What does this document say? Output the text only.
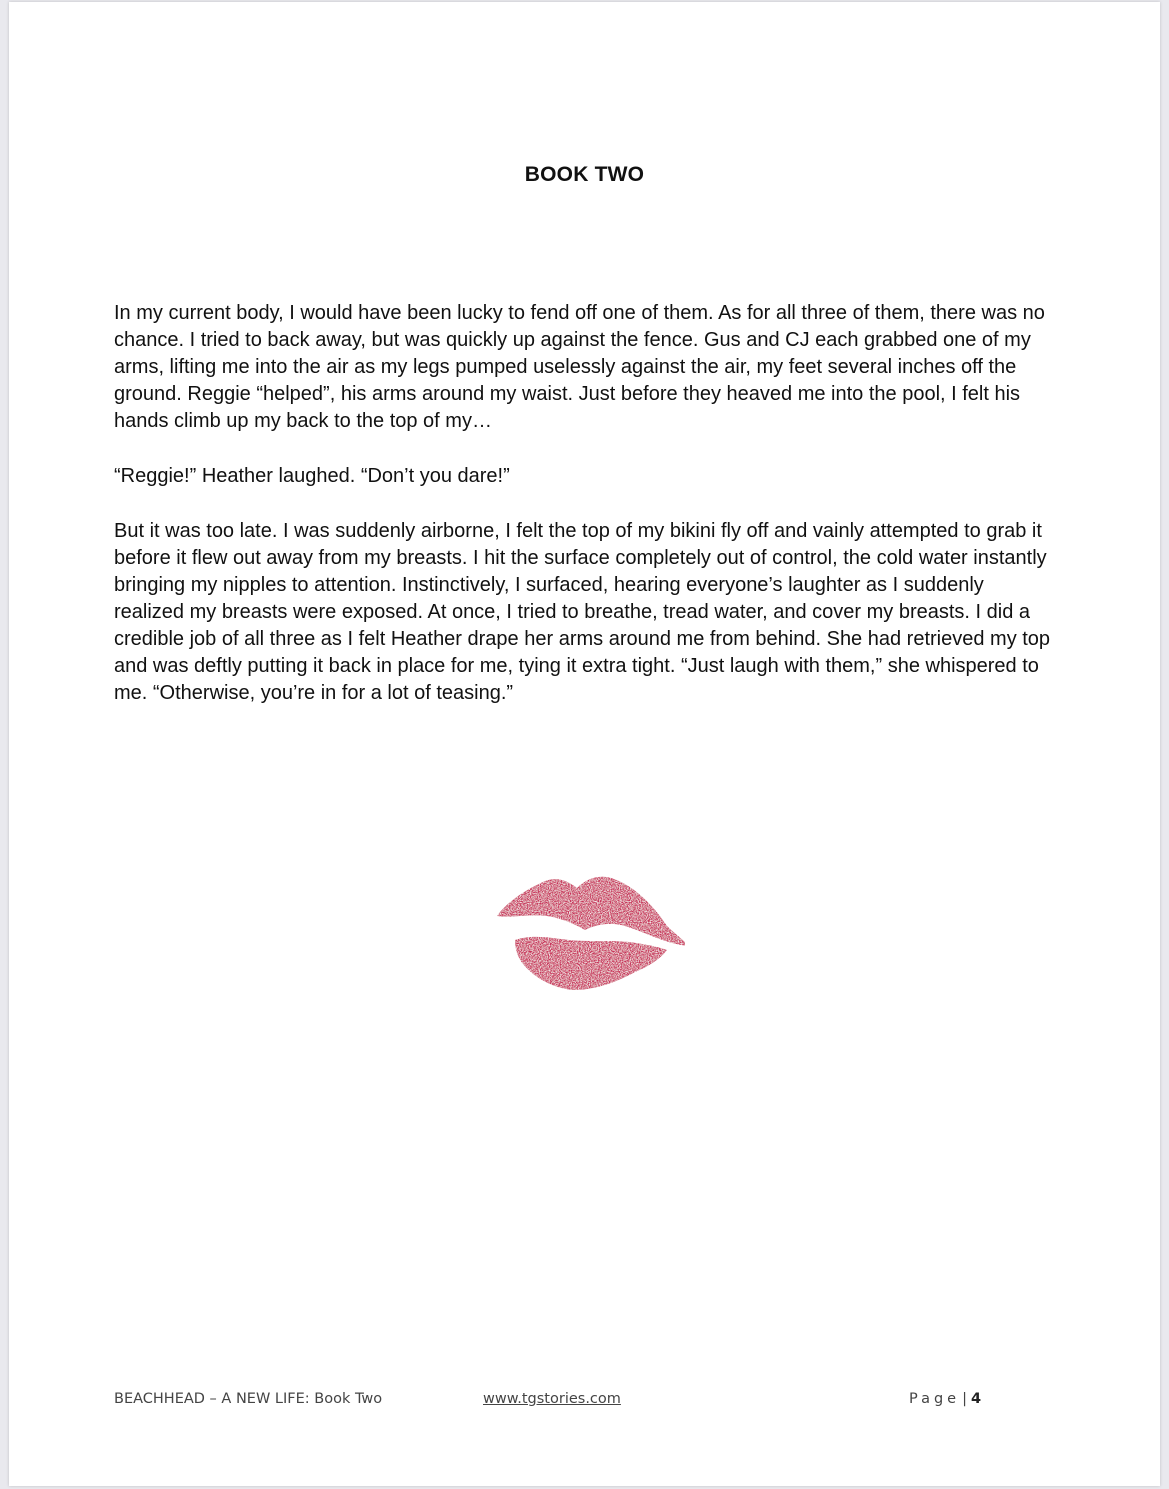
BOOK TWO

In my current body, I would have been lucky to fend off one of them. As for all three of them, there was no chance. I tried to back away, but was quickly up against the fence. Gus and CJ each grabbed one of my arms, lifting me into the air as my legs pumped uselessly against the air, my feet several inches off the ground. Reggie “helped”, his arms around my waist. Just before they heaved me into the pool, I felt his hands climb up my back to the top of my…

“Reggie!” Heather laughed. “Don’t you dare!”

But it was too late. I was suddenly airborne, I felt the top of my bikini fly off and vainly attempted to grab it before it flew out away from my breasts. I hit the surface completely out of control, the cold water instantly bringing my nipples to attention. Instinctively, I surfaced, hearing everyone’s laughter as I suddenly realized my breasts were exposed. At once, I tried to breathe, tread water, and cover my breasts. I did a credible job of all three as I felt Heather drape her arms around me from behind. She had retrieved my top and was deftly putting it back in place for me, tying it extra tight. “Just laugh with them,” she whispered to me. “Otherwise, you’re in for a lot of teasing.”

BEACHHEAD – A NEW LIFE: Book Two	www.tgstories.com	Page | 4
